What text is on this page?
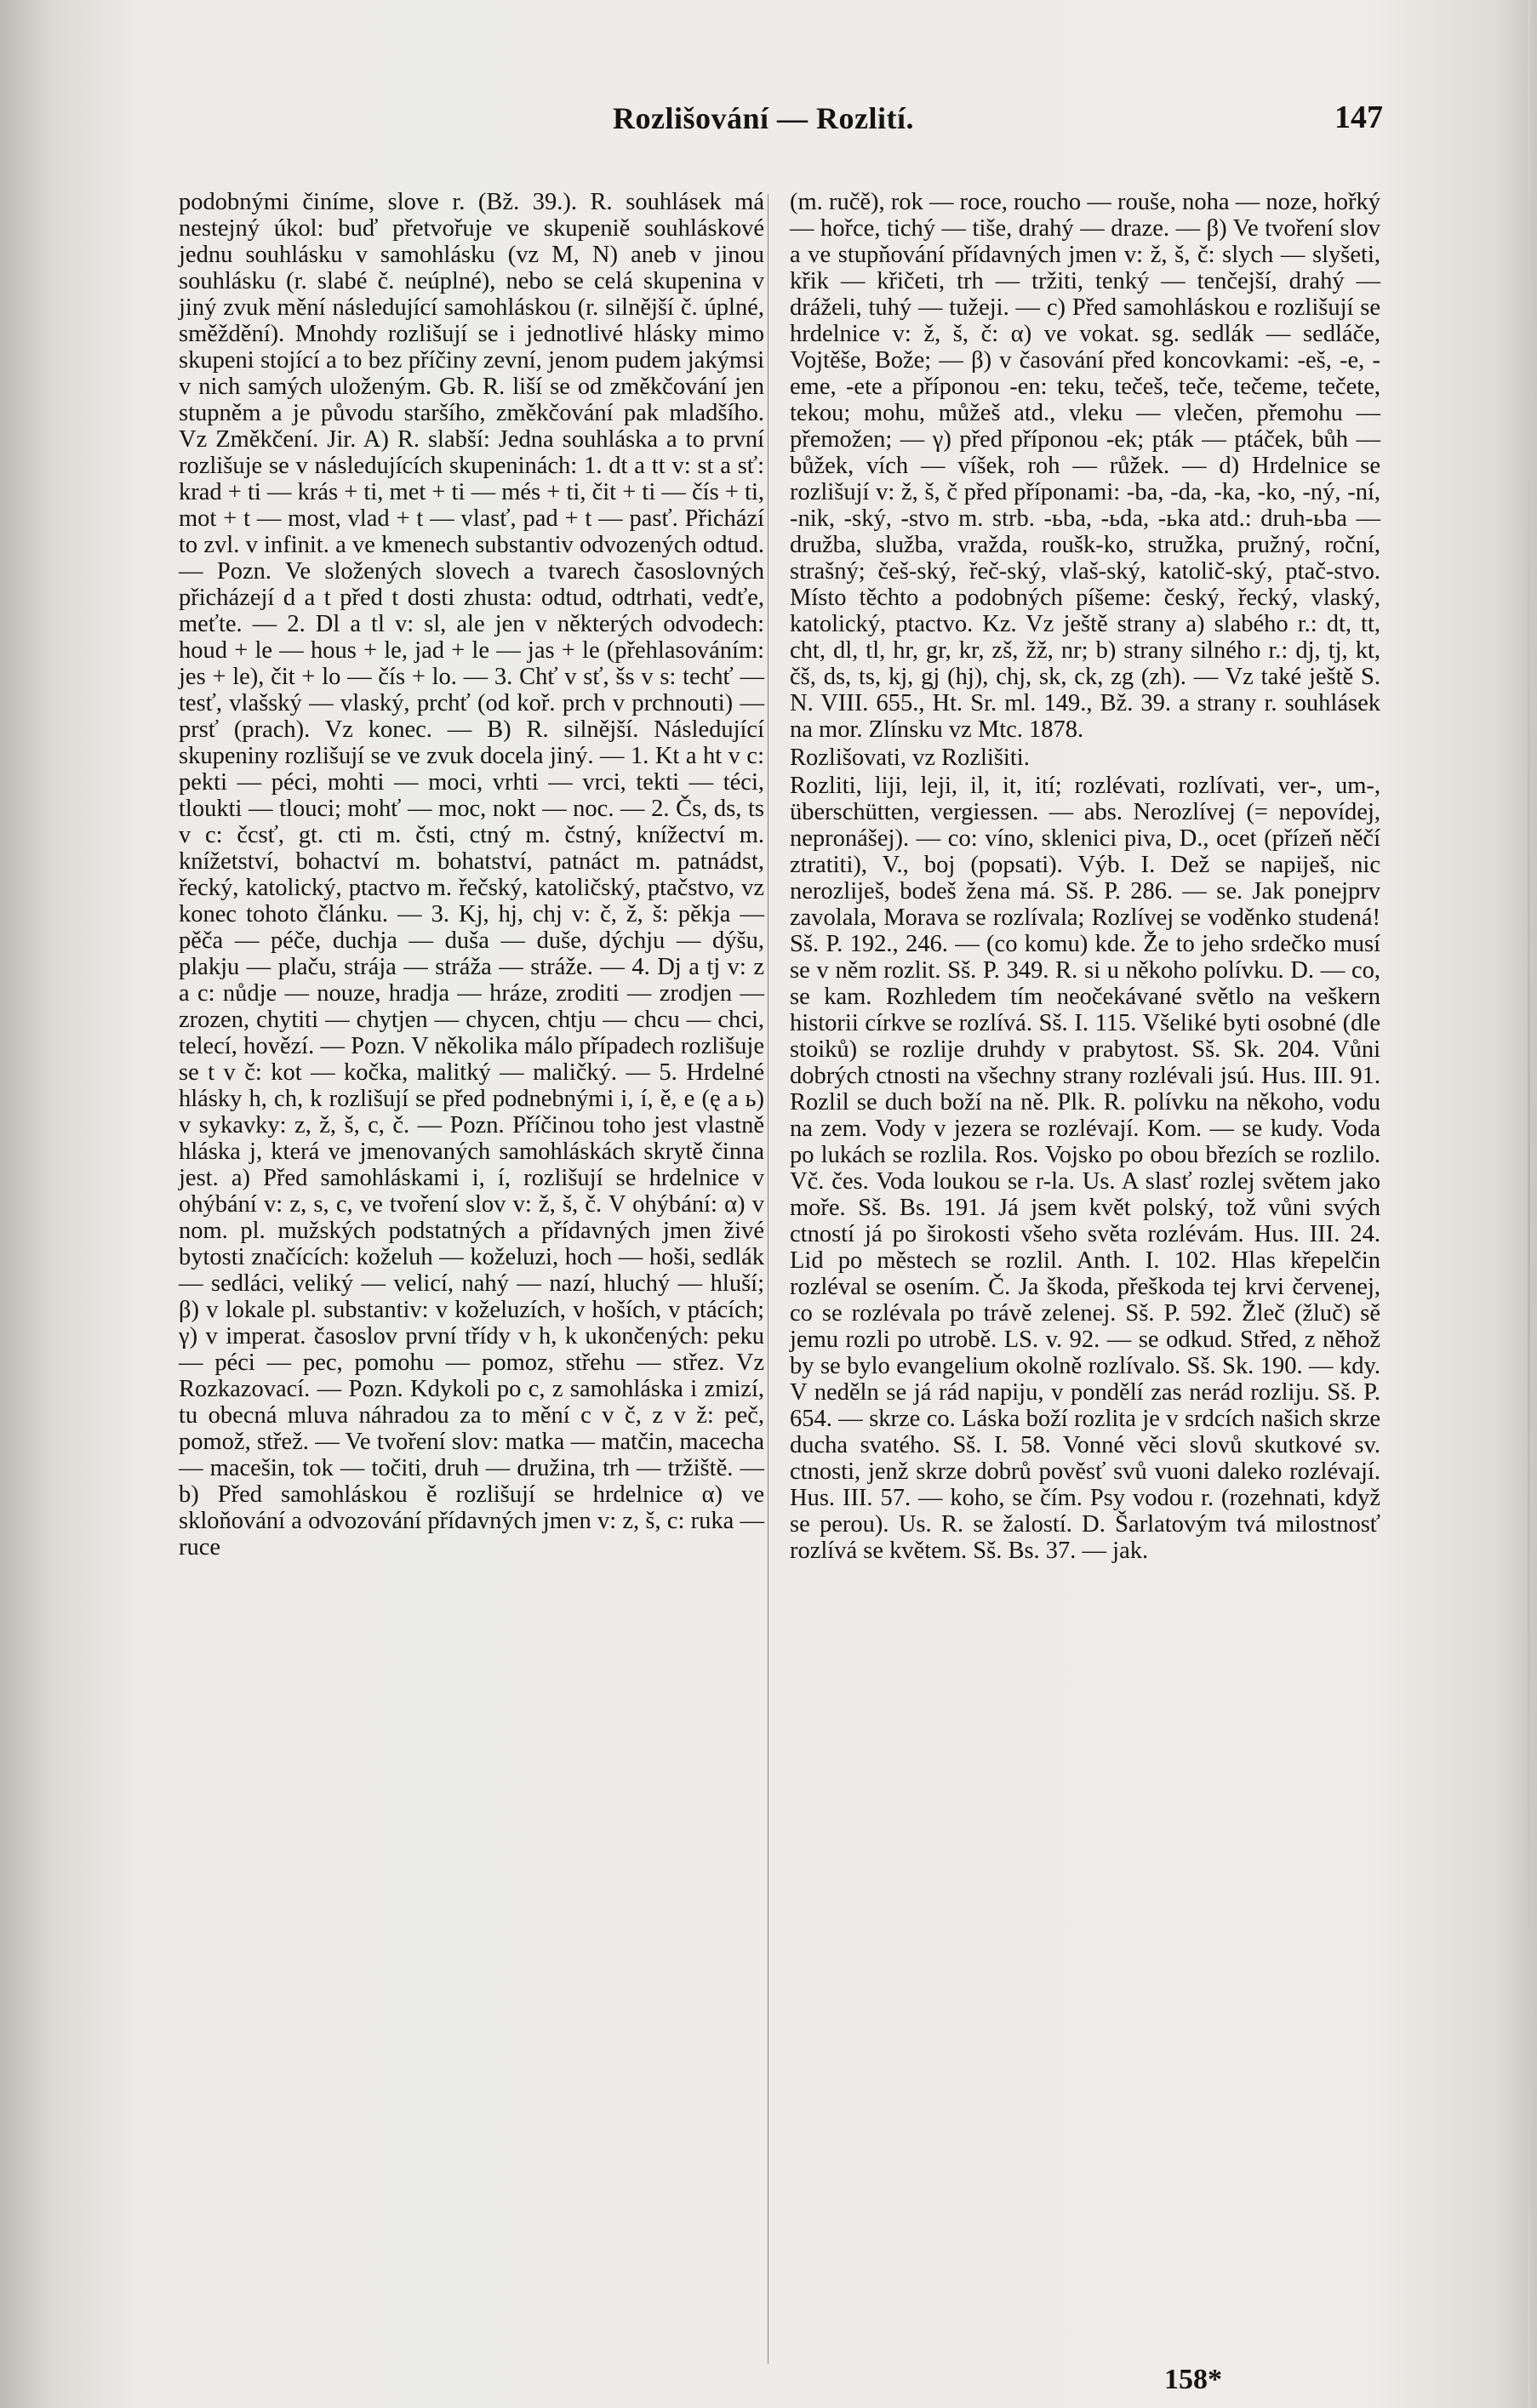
Rozlišování — Rozlití.	147

podobnými činíme, slove r. (Bž. 39.). R. souhlásek má nestejný úkol: buď přetvořuje ve skupeniě souhláskové jednu souhlásku v samohlásku (vz M, N) aneb v jinou souhlásku (r. slabé č. neúplné), nebo se celá skupenina v jiný zvuk mění následující samohláskou (r. silnější č. úplné, směždění). Mnohdy rozlišují se i jednotlivé hlásky mimo skupeni stojící a to bez příčiny zevní, jenom pudem jakýmsi v nich samých uloženým. Gb. R. liší se od změkčování jen stupněm a je původu staršího, změkčování pak mladšího. Vz Změkčení. Jir. A) R. slabší: Jedna souhláska a to první rozlišuje se v následujících skupeninách: 1. dt a tt v: st a sť: krad + ti — krás + ti, met + ti — més + ti, čit + ti — čís + ti, mot + t — most, vlad + t — vlasť, pad + t — pasť. Přichází to zvl. v infinit. a ve kmenech substantiv odvozených odtud. — Pozn. Ve složených slovech a tvarech časoslovných přicházejí d a t před t dosti zhusta: odtud, odtrhati, vedťe, meťte. — 2. Dl a tl v: sl, ale jen v některých odvodech: houd + le — hous + le, jad + le — jas + le (přehlasováním: jes + le), čit + lo — čís + lo. — 3. Chť v sť, šs v s: techť — tesť, vlašský — vlaský, prchť (od koř. prch v prchnouti) — prsť (prach). Vz konec. — B) R. silnější. Následující skupeniny rozlišují se ve zvuk docela jiný. — 1. Kt a ht v c: pekti — péci, mohti — moci, vrhti — vrci, tekti — téci, tloukti — tlouci; mohť — moc, nokt — noc. — 2. Čs, ds, ts v c: čcsť, gt. cti m. čsti, ctný m. čstný, knížectví m. knížetství, bohactví m. bohatství, patnáct m. patnádst, řecký, katolický, ptactvo m. řečský, katoličský, ptačstvo, vz konec tohoto článku. — 3. Kj, hj, chj v: č, ž, š: pěkja — pěča — péče, duchja — duša — duše, dýchju — dýšu, plakju — plaču, strája — stráža — stráže. — 4. Dj a tj v: z a c: nůdje — nouze, hradja — hráze, zroditi — zrodjen — zrozen, chytiti — chytjen — chycen, chtju — chcu — chci, telecí, hovězí. — Pozn. V několika málo případech rozlišuje se t v č: kot — kočka, malitký — maličký. — 5. Hrdelné hlásky h, ch, k rozlišují se před podnebnými i, í, ě, e (ę a ь) v sykavky: z, ž, š, c, č. — Pozn. Příčinou toho jest vlastně hláska j, která ve jmenovaných samohláskách skrytě činna jest. a) Před samohláskami i, í, rozlišují se hrdelnice v ohýbání v: z, s, c, ve tvoření slov v: ž, š, č. V ohýbání: α) v nom. pl. mužských podstatných a přídavných jmen živé bytosti značících: koželuh — koželuzi, hoch — hoši, sedlák — sedláci, veliký — velicí, nahý — nazí, hluchý — hluší; β) v lokale pl. substantiv: v koželuzích, v hoších, v ptácích; γ) v imperat. časoslov první třídy v h, k ukončených: peku — péci — pec, pomohu — pomoz, střehu — střez. Vz Rozkazovací. — Pozn. Kdykoli po c, z samohláska i zmizí, tu obecná mluva náhradou za to mění c v č, z v ž: peč, pomož, střež. — Ve tvoření slov: matka — matčin, macecha — macešin, tok — točiti, druh — družina, trh — tržiště. — b) Před samohláskou ě rozlišují se hrdelnice α) ve skloňování a odvozování přídavných jmen v: z, š, c: ruka — ruce

(m. ručě), rok — roce, roucho — rouše, noha — noze, hořký — hořce, tichý — tiše, drahý — draze. — β) Ve tvoření slov a ve stupňování přídavných jmen v: ž, š, č: slych — slyšeti, křik — křičeti, trh — tržiti, tenký — tenčejší, drahý — dráželi, tuhý — tužeji. — c) Před samohláskou e rozlišují se hrdelnice v: ž, š, č: α) ve vokat. sg. sedlák — sedláče, Vojtěše, Bože; — β) v časování před koncovkami: -eš, -e, -eme, -ete a příponou -en: teku, tečeš, teče, tečeme, tečete, tekou; mohu, můžeš atd., vleku — vlečen, přemohu — přemožen; — γ) před příponou -ek; pták — ptáček, bůh — bůžek, vích — víšek, roh — růžek. — d) Hrdelnice se rozlišují v: ž, š, č před příponami: -ba, -da, -ka, -ko, -ný, -ní, -nik, -ský, -stvo m. strb. -ьba, -ьda, -ьka atd.: druh-ьba — družba, služba, vražda, roušk-ko, stružka, pružný, roční, strašný; češ-ský, řeč-ský, vlaš-ský, katolič-ský, ptač-stvo. Místo těchto a podobných píšeme: český, řecký, vlaský, katolický, ptactvo. Kz. Vz ještě strany a) slabého r.: dt, tt, cht, dl, tl, hr, gr, kr, zš, žž, nr; b) strany silného r.: dj, tj, kt, čš, ds, ts, kj, gj (hj), chj, sk, ck, zg (zh). — Vz také ještě S. N. VIII. 655., Ht. Sr. ml. 149., Bž. 39. a strany r. souhlásek na mor. Zlínsku vz Mtc. 1878.

Rozlišovati, vz Rozlišiti.

Rozliti, liji, leji, il, it, ití; rozlévati, rozlívati, ver-, um-, überschütten, vergiessen. — abs. Nerozlívej (= nepovídej, nepronášej). — co: víno, sklenici piva, D., ocet (přízeň něčí ztratiti), V., boj (popsati). Výb. I. Dež se napiješ, nic nerozliješ, bodeš žena má. Sš. P. 286. — se. Jak ponejprv zavolala, Morava se rozlívala; Rozlívej se voděnko studená! Sš. P. 192., 246. — (co komu) kde. Že to jeho srdečko musí se v něm rozlit. Sš. P. 349. R. si u někoho polívku. D. — co, se kam. Rozhledem tím neočekávané světlo na veškern historii církve se rozlívá. Sš. I. 115. Všeliké byti osobné (dle stoiků) se rozlije druhdy v prabytost. Sš. Sk. 204. Vůni dobrých ctnosti na všechny strany rozlévali jsú. Hus. III. 91. Rozlil se duch boží na ně. Plk. R. polívku na někoho, vodu na zem. Vody v jezera se rozlévají. Kom. — se kudy. Voda po lukách se rozlila. Ros. Vojsko po obou březích se rozlilo. Vč. čes. Voda loukou se r-la. Us. A slasť rozlej světem jako moře. Sš. Bs. 191. Já jsem květ polský, tož vůni svých ctností já po širokosti všeho světa rozlévám. Hus. III. 24. Lid po městech se rozlil. Anth. I. 102. Hlas křepelčin rozléval se osením. Č. Ja škoda, přeškoda tej krvi červenej, co se rozlévala po trávě zelenej. Sš. P. 592. Žleč (žluč) sě jemu rozli po utrobě. LS. v. 92. — se odkud. Střed, z něhož by se bylo evangelium okolně rozlívalo. Sš. Sk. 190. — kdy. V neděln se já rád napiju, v pondělí zas nerád rozliju. Sš. P. 654. — skrze co. Láska boží rozlita je v srdcích našich skrze ducha svatého. Sš. I. 58. Vonné věci slovů skutkové sv. ctnosti, jenž skrze dobrů pověsť svů vuoni daleko rozlévají. Hus. III. 57. — koho, se čím. Psy vodou r. (rozehnati, když se perou). Us. R. se žalostí. D. Šarlatovým tvá milostnosť rozlívá se květem. Sš. Bs. 37. — jak.

158*
